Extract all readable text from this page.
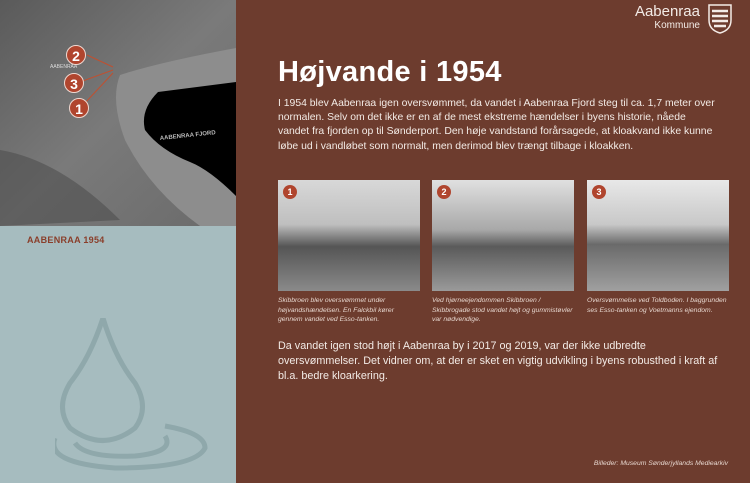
AABENRAA
AABENRAA FJORD
2
3
1
AABENRAA 1954
Aabenraa
Kommune
Højvande i 1954
I 1954 blev Aabenraa igen oversvømmet, da vandet i Aabenraa Fjord steg til ca. 1,7 meter over normalen. Selv om det ikke er en af de mest ekstreme hændelser i byens historie, nåede vandet fra fjorden op til Sønderport. Den høje vandstand forårsagede, at kloakvand ikke kunne løbe ud i vandløbet som normalt, men derimod blev trængt tilbage i kloakken.
1	2	3
Skibbroen blev oversvømmet under højvandshændelsen. En Falckbil kører gennem vandet ved Esso-tanken.
Ved hjørneejendommen Skibbroen / Skibbrogade stod vandet højt og gummistøvler var nødvendige.
Oversvømmelse ved Toldboden. I baggrunden ses Esso-tanken og Voetmanns ejendom.
Da vandet igen stod højt i Aabenraa by i 2017 og 2019, var der ikke udbredte oversvømmelser. Det vidner om, at der er sket en vigtig udvikling i byens robusthed i kraft af bl.a. bedre kloarkering.
Billeder: Museum Sønderjyllands Mediearkiv
